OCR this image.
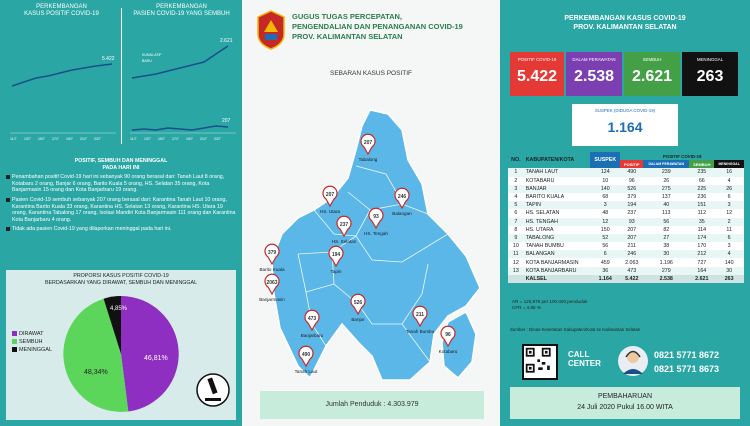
PERKEMBANGAN
KASUS POSITIF COVID-19
5.422
11/7 13/7 15/7 17/7 19/7 21/7 23/7
PERKEMBANGAN
PASIEN COVID-19 YANG SEMBUH
2.621
207
KUMULATIF
BARU
11/7 13/7 15/7 17/7 19/7 21/7 23/7
POSITIF, SEMBUH DAN MENINGGAL
PADA HARI INI
Penambahan positif Covid-19 hari ini sebanyak 90 orang berasal dari: Tanah Laut 8 orang, Kotabaru 2 orang, Banjar 6 orang, Barito Kuala 5 orang, HS. Selatan 35 orang, Kota Banjarmasin 15 orang dan Kota Banjarbaru 19 orang.
Pasien Covid-19 sembuh sebanyak 207 orang berasal dari: Karantina Tanah Laut 10 orang, Karantina Barito Kuala 33 orang, Karantina HS. Selatan 13 orang, Karantina HS. Utara 19 orang, Karantina Tabalong 17 orang, Isolasi Mandiri Kota Banjarmasin 111 orang dan Karantina Kota Banjarbaru 4 orang.
Tidak ada pasien Covid-19 yang dilaporkan meninggal pada hari ini.
PROPORSI KASUS POSITIF COVID-19
BERDASARKAN YANG DIRAWAT, SEMBUH DAN MENINGGAL
DIRAWAT
SEMBUH
MENINGGAL
46,81%
48,34%
4,85%
GUGUS TUGAS PERCEPATAN,
PENGENDALIAN DAN PENANGANAN COVID-19
PROV. KALIMANTAN SELATAN
SEBARAN KASUS POSITIF
207
Tabalong
207
HS. Utara
246
Balangan
93
HS. Tengah
237
HS. Selatan
379
Barito Kuala
194
Tapin
2063
Banjarmasin
473
Banjarbaru
526
Banjar
211
Tanah Bumbu
96
Kotabaru
490
Tanah Laut
Jumlah Penduduk : 4.303.979
PERKEMBANGAN KASUS COVID-19
PROV. KALIMANTAN SELATAN
POSITIF COVID-19
5.422
DALAM PERAWATAN
2.538
SEMBUH
2.621
MENINGGAL
263
SUSPEK (DIDUGA COVID-19)
1.164
NO.	KABUPATEN/KOTA	SUSPEK	POSITIF COVID-19			
			POSITIF	DALAM PERAWATAN	SEMBUH	MENINGGAL
1	TANAH LAUT	124	490	239	235	16
2	KOTABARU	10	96	26	66	4
3	BANJAR	140	526	275	225	26
4	BARITO KUALA	68	379	137	236	6
5	TAPIN	3	194	40	151	3
6	HS. SELATAN	48	237	113	112	12
7	HS. TENGAH	12	93	56	35	2
8	HS. UTARA	150	207	82	114	11
9	TABALONG	52	207	27	174	6
10	TANAH BUMBU	56	211	38	170	3
11	BALANGAN	6	246	30	212	4
12	KOTA BANJARMASIN	459	2.063	1.196	727	140
13	KOTA BANJARBARU	36	473	279	164	30
	KALSEL	1.164	5.422	2.538	2.621	263
AR = 125,976 per 100.000 penduduk
CFR = 4,85 %
Sumber : Dinas Kesehatan Kabupaten/Kota se Kalimantan Selatan
CALL
CENTER
0821 5771 8672
0821 5771 8673
PEMBAHARUAN
24 Juli 2020 Pukul 16.00 WITA
